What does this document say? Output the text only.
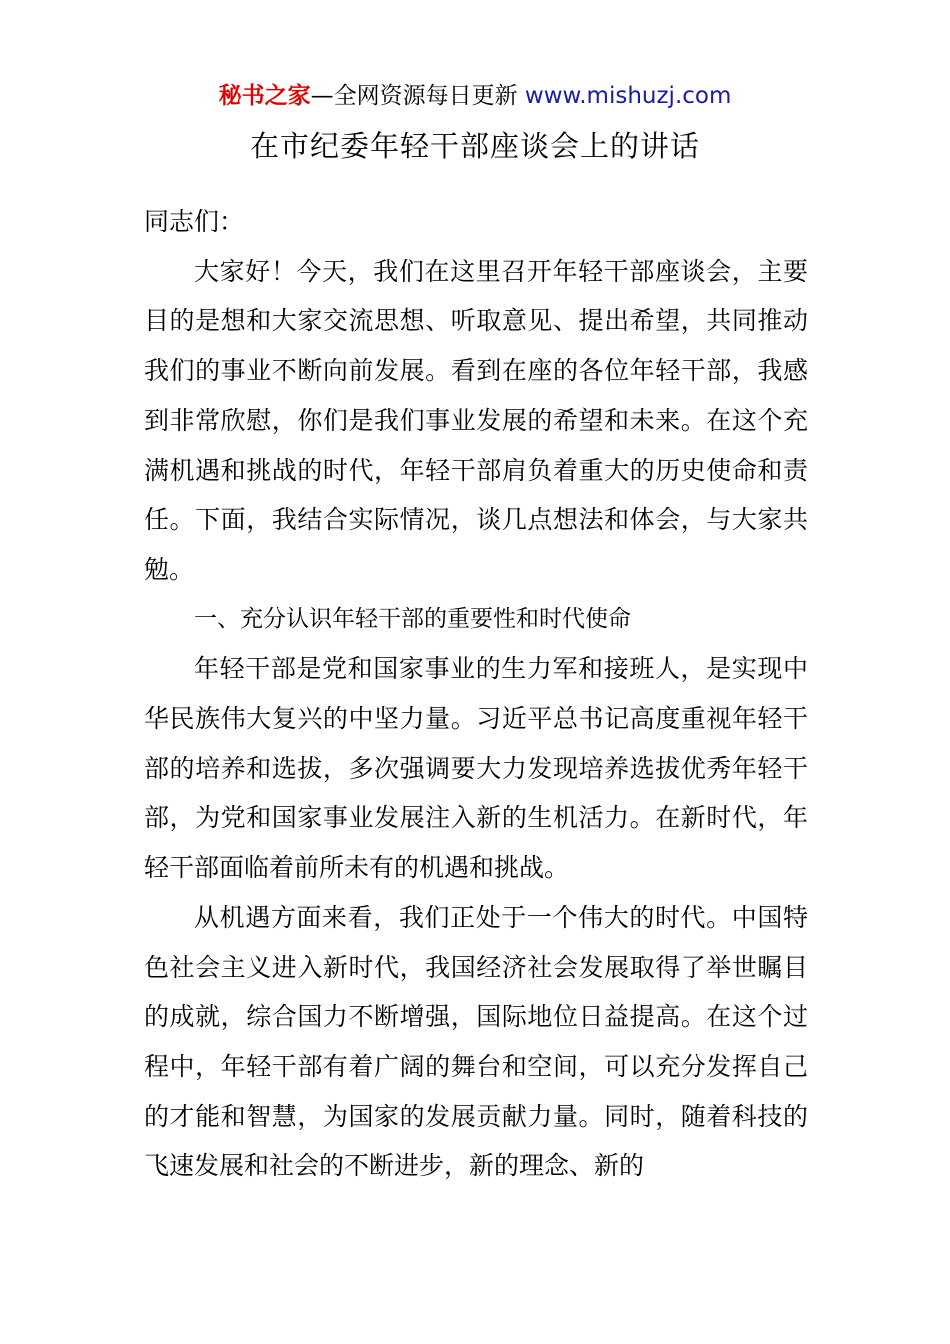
秘书之家—全网资源每日更新 www.mishuzj.com
在市纪委年轻干部座谈会上的讲话

同志们：

大家好！今天，我们在这里召开年轻干部座谈会，主要目的是想和大家交流思想、听取意见、提出希望，共同推动我们的事业不断向前发展。看到在座的各位年轻干部，我感到非常欣慰，你们是我们事业发展的希望和未来。在这个充满机遇和挑战的时代，年轻干部肩负着重大的历史使命和责任。下面，我结合实际情况，谈几点想法和体会，与大家共勉。

一、充分认识年轻干部的重要性和时代使命

年轻干部是党和国家事业的生力军和接班人，是实现中华民族伟大复兴的中坚力量。习近平总书记高度重视年轻干部的培养和选拔，多次强调要大力发现培养选拔优秀年轻干部，为党和国家事业发展注入新的生机活力。在新时代，年轻干部面临着前所未有的机遇和挑战。

从机遇方面来看，我们正处于一个伟大的时代。中国特色社会主义进入新时代，我国经济社会发展取得了举世瞩目的成就，综合国力不断增强，国际地位日益提高。在这个过程中，年轻干部有着广阔的舞台和空间，可以充分发挥自己的才能和智慧，为国家的发展贡献力量。同时，随着科技的飞速发展和社会的不断进步，新的理念、新的
